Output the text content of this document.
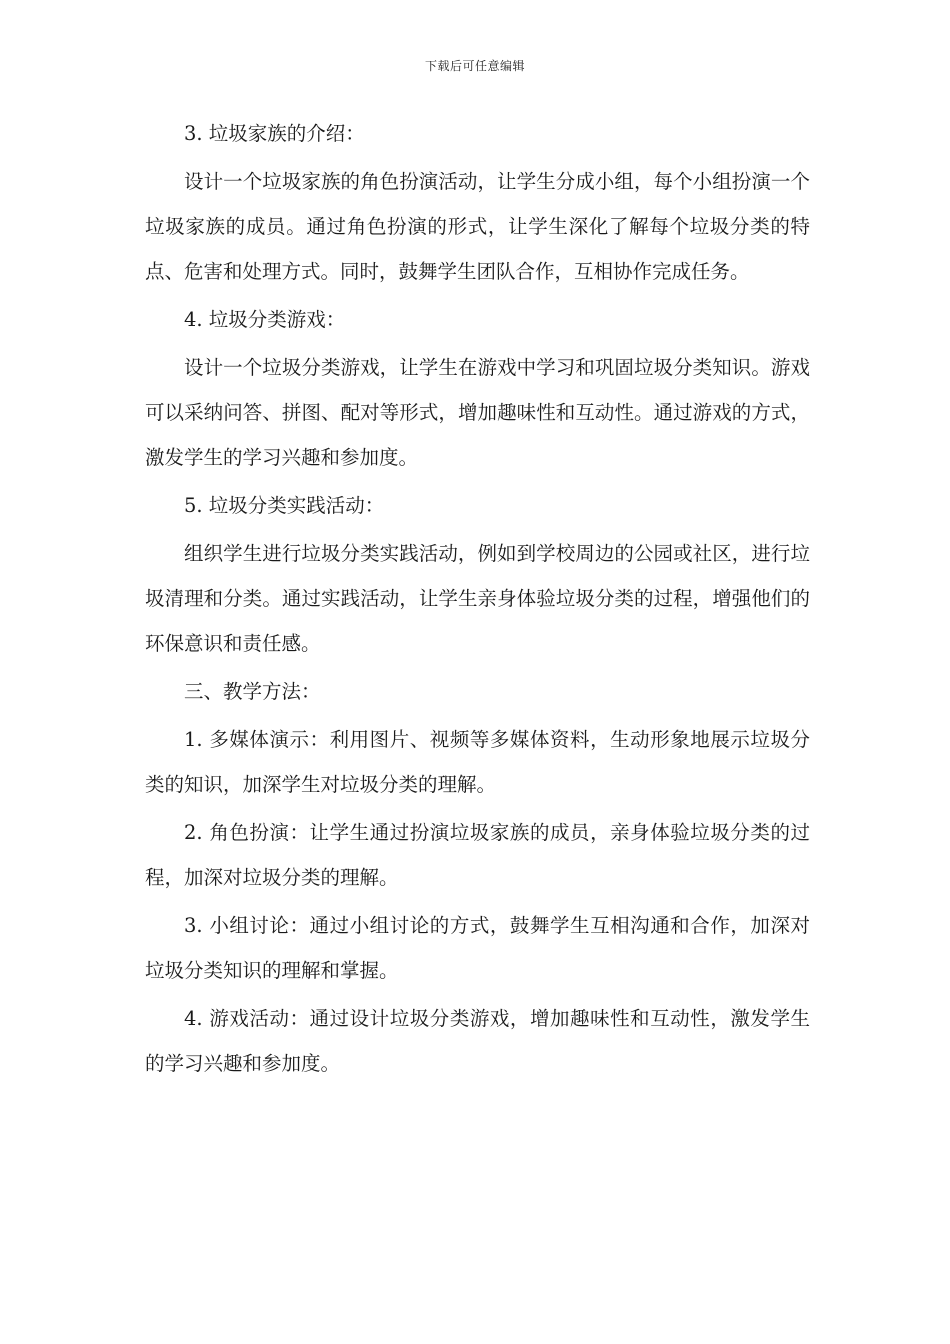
下载后可任意编辑

3. 垃圾家族的介绍：

设计一个垃圾家族的角色扮演活动，让学生分成小组，每个小组扮演一个垃圾家族的成员。通过角色扮演的形式，让学生深化了解每个垃圾分类的特点、危害和处理方式。同时，鼓舞学生团队合作，互相协作完成任务。

4. 垃圾分类游戏：

设计一个垃圾分类游戏，让学生在游戏中学习和巩固垃圾分类知识。游戏可以采纳问答、拼图、配对等形式，增加趣味性和互动性。通过游戏的方式，激发学生的学习兴趣和参加度。

5. 垃圾分类实践活动：

组织学生进行垃圾分类实践活动，例如到学校周边的公园或社区，进行垃圾清理和分类。通过实践活动，让学生亲身体验垃圾分类的过程，增强他们的环保意识和责任感。

三、教学方法：

1. 多媒体演示：利用图片、视频等多媒体资料，生动形象地展示垃圾分类的知识，加深学生对垃圾分类的理解。

2. 角色扮演：让学生通过扮演垃圾家族的成员，亲身体验垃圾分类的过程，加深对垃圾分类的理解。

3. 小组讨论：通过小组讨论的方式，鼓舞学生互相沟通和合作，加深对垃圾分类知识的理解和掌握。

4. 游戏活动：通过设计垃圾分类游戏，增加趣味性和互动性，激发学生的学习兴趣和参加度。
